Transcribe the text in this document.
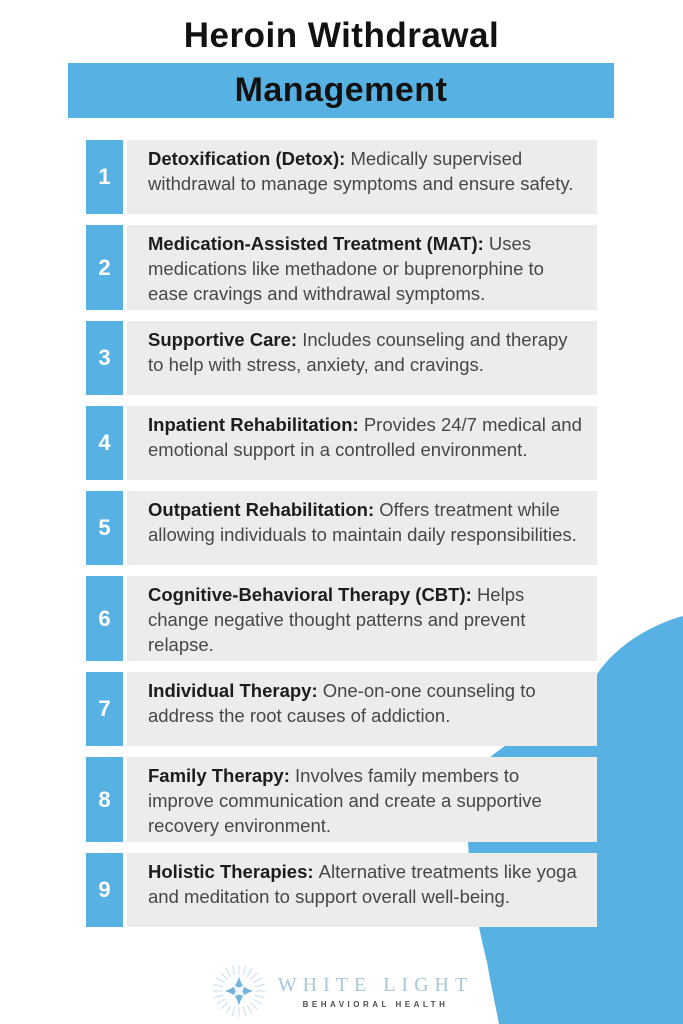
Heroin Withdrawal
Management
1
Detoxification (Detox): Medically supervised withdrawal to manage symptoms and ensure safety.
2
Medication-Assisted Treatment (MAT): Uses medications like methadone or buprenorphine to ease cravings and withdrawal symptoms.
3
Supportive Care: Includes counseling and therapy to help with stress, anxiety, and cravings.
4
Inpatient Rehabilitation: Provides 24/7 medical and emotional support in a controlled environment.
5
Outpatient Rehabilitation: Offers treatment while allowing individuals to maintain daily responsibilities.
6
Cognitive-Behavioral Therapy (CBT): Helps change negative thought patterns and prevent relapse.
7
Individual Therapy: One-on-one counseling to address the root causes of addiction.
8
Family Therapy: Involves family members to improve communication and create a supportive recovery environment.
9
Holistic Therapies: Alternative treatments like yoga and meditation to support overall well-being.
WHITE LIGHT
BEHAVIORAL HEALTH
